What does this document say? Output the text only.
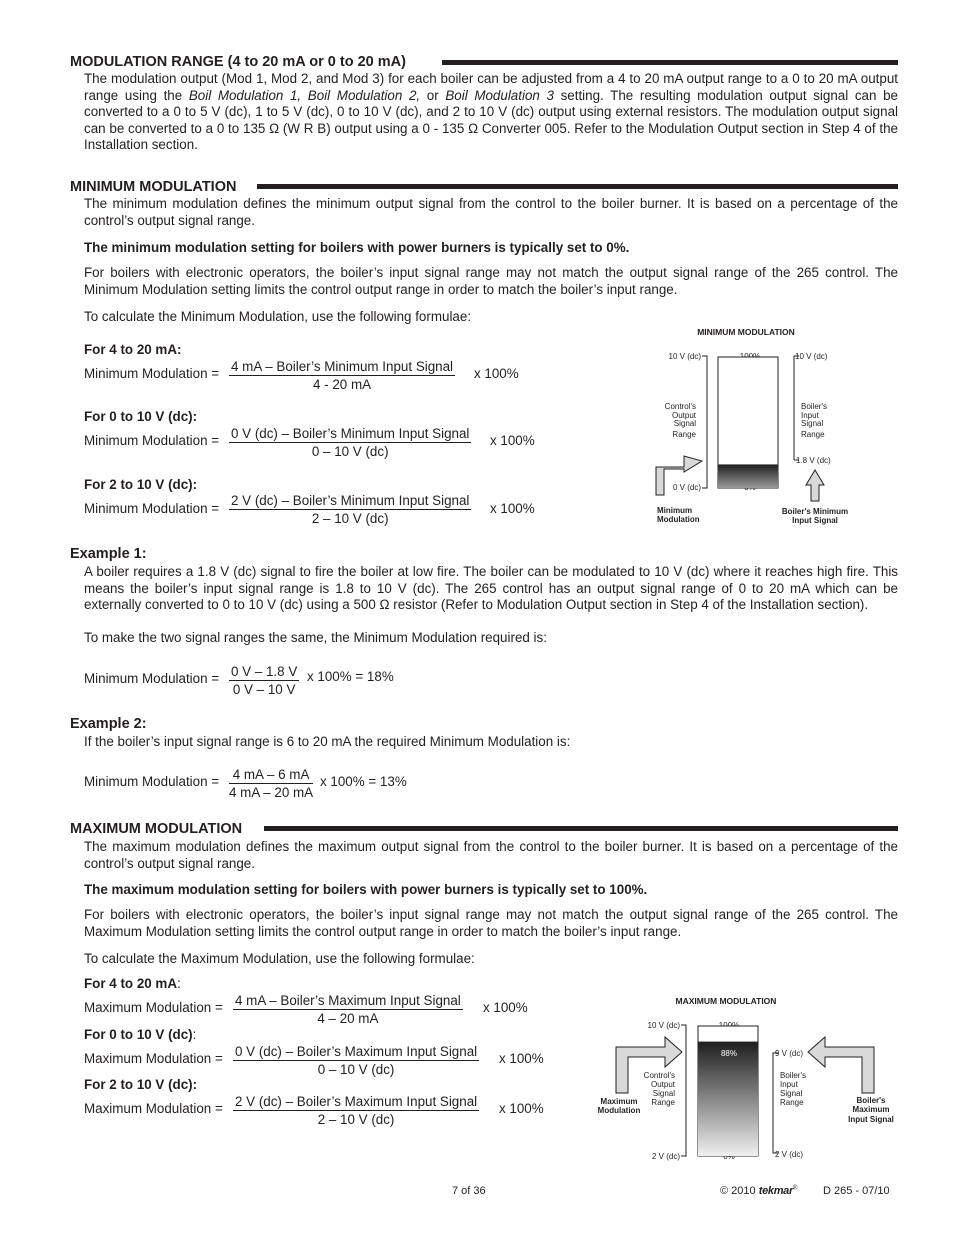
MODULATION RANGE (4 to 20 mA or 0 to 20 mA)
The modulation output (Mod 1, Mod 2, and Mod 3) for each boiler can be adjusted from a 4 to 20 mA output range to a 0 to 20 mA output range using the Boil Modulation 1, Boil Modulation 2, or Boil Modulation 3 setting. The resulting modulation output signal can be converted to a 0 to 5 V (dc), 1 to 5 V (dc), 0 to 10 V (dc), and 2 to 10 V (dc) output using external resistors. The modulation output signal can be converted to a 0 to 135 Ω (W R B) output using a 0 - 135 Ω Converter 005. Refer to the Modulation Output section in Step 4 of the Installation section.
MINIMUM MODULATION
The minimum modulation defines the minimum output signal from the control to the boiler burner. It is based on a percentage of the control’s output signal range.
The minimum modulation setting for boilers with power burners is typically set to 0%.
For boilers with electronic operators, the boiler’s input signal range may not match the output signal range of the 265 control. The Minimum Modulation setting limits the control output range in order to match the boiler’s input range.
To calculate the Minimum Modulation, use the following formulae:
For 4 to 20 mA:
Minimum Modulation = 4 mA – Boiler’s Minimum Input Signal
4 - 20 mA
x 100%
For 0 to 10 V (dc):
Minimum Modulation = 0 V (dc) – Boiler’s Minimum Input Signal
0 – 10 V (dc)
x 100%
For 2 to 10 V (dc):
Minimum Modulation =
2 V (dc) – Boiler’s Minimum Input Signal
2 – 10 V (dc)
x 100%
MINIMUM MODULATION
10 V (dc)
0 V (dc)
10 V (dc)
1.8 V (dc)
18%
Control's
Output
Signal
Range
Boiler's
Input
Signal
Range
Minimum
Modulation
Boiler's Minimum
Input Signal
Example 1:
A boiler requires a 1.8 V (dc) signal to fire the boiler at low fire. The boiler can be modulated to 10 V (dc) where it reaches high fire. This means the boiler’s input signal range is 1.8 to 10 V (dc). The 265 control has an output signal range of 0 to 20 mA which can be externally converted to 0 to 10 V (dc) using a 500 Ω resistor (Refer to Modulation Output section in Step 4 of the Installation section).
To make the two signal ranges the same, the Minimum Modulation required is:
Minimum Modulation = $\frac{0 V - 1.8 V}{0 V - 10 V}$ x 100% = 18%
Example 2:
If the boiler’s input signal range is 6 to 20 mA the required Minimum Modulation is:
Minimum Modulation = $\frac{4 mA - 6 mA}{4 mA - 20 mA}$ x 100% = 13%
MAXIMUM MODULATION
The maximum modulation defines the maximum output signal from the control to the boiler burner. It is based on a percentage of the control’s output signal range.
The maximum modulation setting for boilers with power burners is typically set to 100%.
For boilers with electronic operators, the boiler’s input signal range may not match the output signal range of the 265 control. The Maximum Modulation setting limits the control output range in order to match the boiler’s input range.
To calculate the Maximum Modulation, use the following formulae:
For 4 to 20 mA:
Maximum Modulation = 4 mA – Boiler’s Maximum Input Signal
4 – 20 mA
x 100%
For 0 to 10 V (dc):
Maximum Modulation = 0 V (dc) – Boiler’s Maximum Input Signal
0 – 10 V (dc)
x 100%
For 2 to 10 V (dc):
Maximum Modulation = 2 V (dc) – Boiler’s Maximum Input Signal
2 – 10 V (dc)
x 100%
MAXIMUM MODULATION
10 V (dc)
2 V (dc)
9 V (dc)
2 V (dc)
88%
Control's
Output
Signal
Range
Boiler's
Input
Signal
Range
Maximum
Modulation
Boiler's
Maximum
Input Signal
7 of 36	© 2010 tekmar® D 265 - 07/10
